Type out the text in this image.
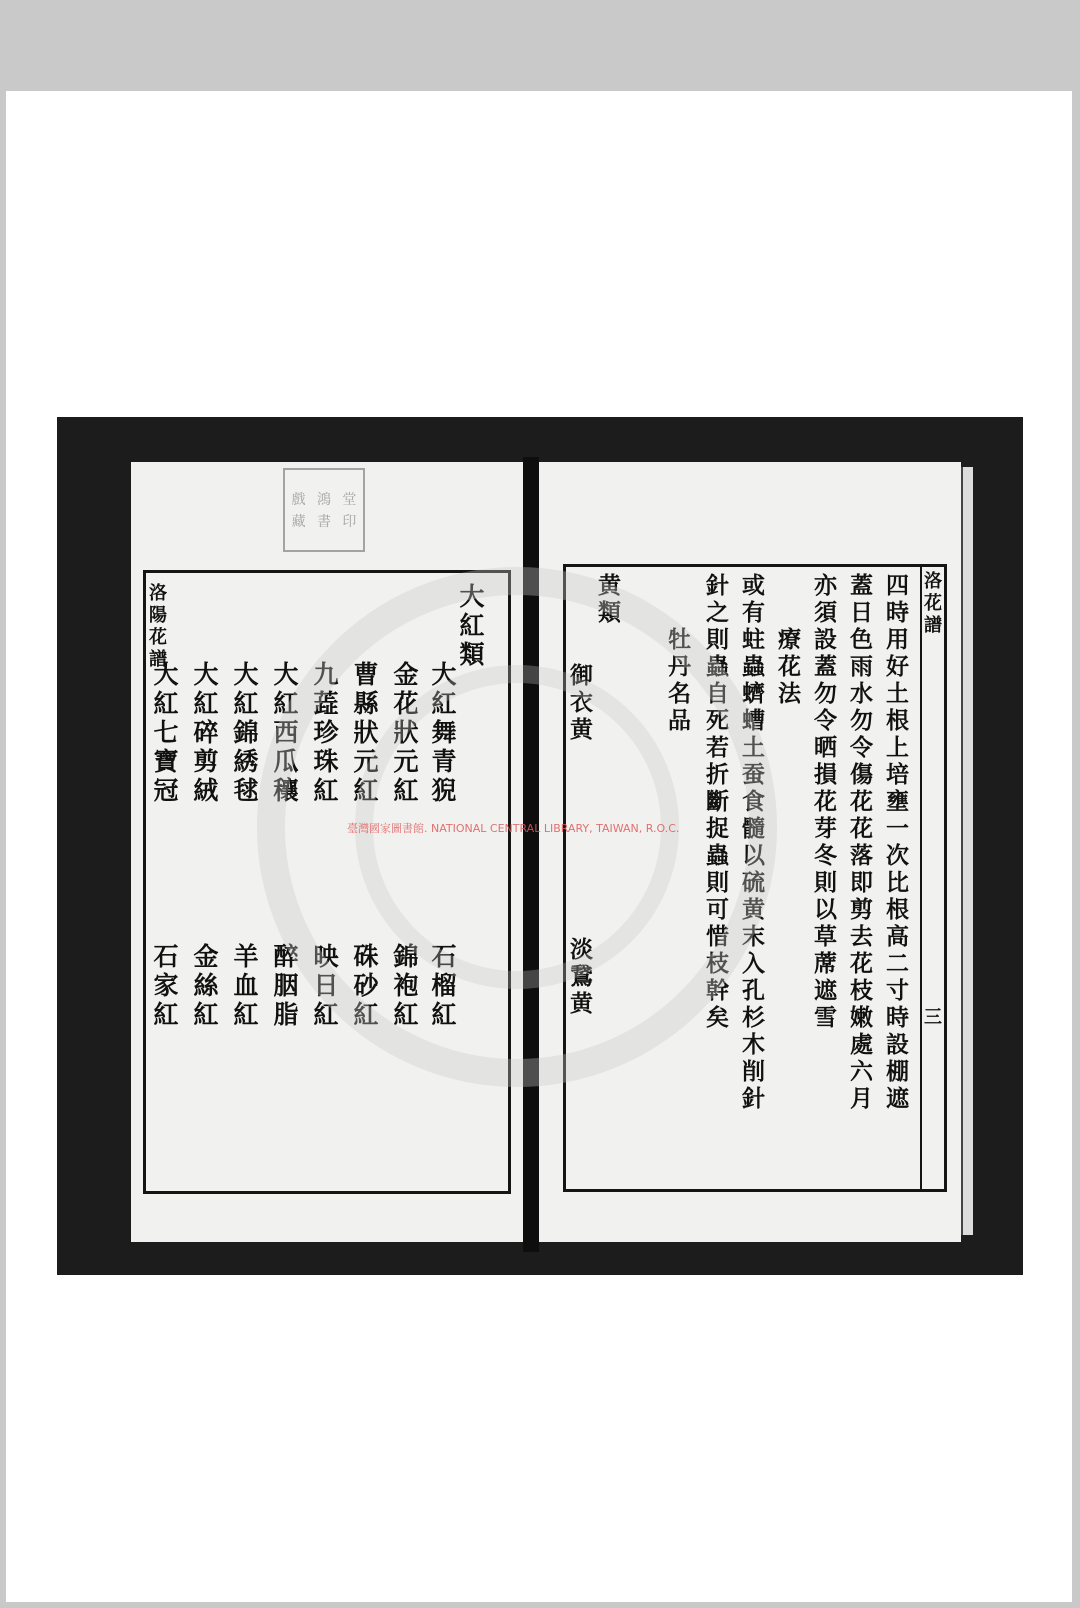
戲 鴻 堂
藏 書 印
洛陽花譜	大紅類
大紅舞青猊
金花狀元紅
曹縣狀元紅
九蕋珍珠紅
大紅西瓜穰
大紅錦綉毬
大紅碎剪絨
大紅七寶冠
石榴紅
錦袍紅
硃砂紅
映日紅
醉胭脂
羊血紅
金絲紅
石家紅
洛花譜
三
四時用好土根上培壅一次比根高二寸時設棚遮
蓋日色雨水勿令傷花花落即剪去花枝嫩處六月
亦須設蓋勿令晒損花芽冬則以草蓆遮雪
　　療花法
或有蛀蟲蠐螬土蚕食髓以硫黄末入孔杉木削針
針之則蟲自死若折斷捉蟲則可惜枝幹矣
　　牡丹名品
黄類
御衣黄
淡鵞黄
臺灣國家圖書館. NATIONAL CENTRAL LIBRARY, TAIWAN, R.O.C.
